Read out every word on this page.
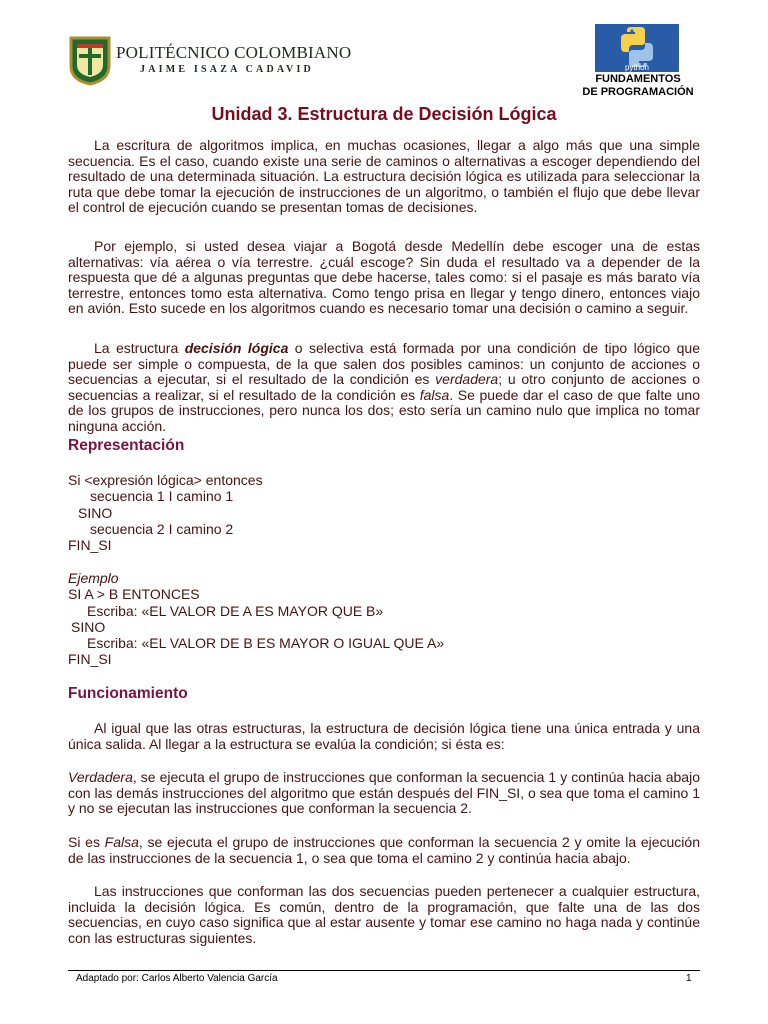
POLITÉCNICO COLOMBIANO
JAIME ISAZA CADAVID	python
FUNDAMENTOS
DE PROGRAMACIÓN
Unidad 3. Estructura de Decisión Lógica

La escritura de algoritmos implica, en muchas ocasiones, llegar a algo más que una simple secuencia. Es el caso, cuando existe una serie de caminos o alternativas a escoger dependiendo del resultado de una determinada situación. La estructura decisión lógica es utilizada para seleccionar la ruta que debe tomar la ejecución de instrucciones de un algoritmo, o también el flujo que debe llevar el control de ejecución cuando se presentan tomas de decisiones.

Por ejemplo, si usted desea viajar a Bogotá desde Medellín debe escoger una de estas alternativas: vía aérea o vía terrestre. ¿cuál escoge? Sin duda el resultado va a depender de la respuesta que dé a algunas preguntas que debe hacerse, tales como: si el pasaje es más barato vía terrestre, entonces tomo esta alternativa. Como tengo prisa en llegar y tengo dinero, entonces viajo en avión. Esto sucede en los algoritmos cuando es necesario tomar una decisión o camino a seguir.

La estructura decisión lógica o selectiva está formada por una condición de tipo lógico que puede ser simple o compuesta, de la que salen dos posibles caminos: un conjunto de acciones o secuencias a ejecutar, si el resultado de la condición es verdadera; u otro conjunto de acciones o secuencias a realizar, si el resultado de la condición es falsa. Se puede dar el caso de que falte uno de los grupos de instrucciones, pero nunca los dos; esto sería un camino nulo que implica no tomar ninguna acción.

Representación
Si <expresión lógica> entonces
secuencia 1 I camino 1
SINO
secuencia 2 I camino 2
FIN_SI
Ejemplo
SI A > B ENTONCES
Escriba: «EL VALOR DE A ES MAYOR QUE B»
SINO
Escriba: «EL VALOR DE B ES MAYOR O IGUAL QUE A»
FIN_SI
Funcionamiento

Al igual que las otras estructuras, la estructura de decisión lógica tiene una única entrada y una única salida. Al llegar a la estructura se evalúa la condición; si ésta es:

Verdadera, se ejecuta el grupo de instrucciones que conforman la secuencia 1 y continúa hacia abajo con las demás instrucciones del algoritmo que están después del FIN_SI, o sea que toma el camino 1 y no se ejecutan las instrucciones que conforman la secuencia 2.

Si es Falsa, se ejecuta el grupo de instrucciones que conforman la secuencia 2 y omite la ejecución de las instrucciones de la secuencia 1, o sea que toma el camino 2 y continúa hacia abajo.

Las instrucciones que conforman las dos secuencias pueden pertenecer a cualquier estructura, incluida la decisión lógica. Es común, dentro de la programación, que falte una de las dos secuencias, en cuyo caso significa que al estar ausente y tomar ese camino no haga nada y continúe con las estructuras siguientes.

Adaptado por: Carlos Alberto Valencia García	1
